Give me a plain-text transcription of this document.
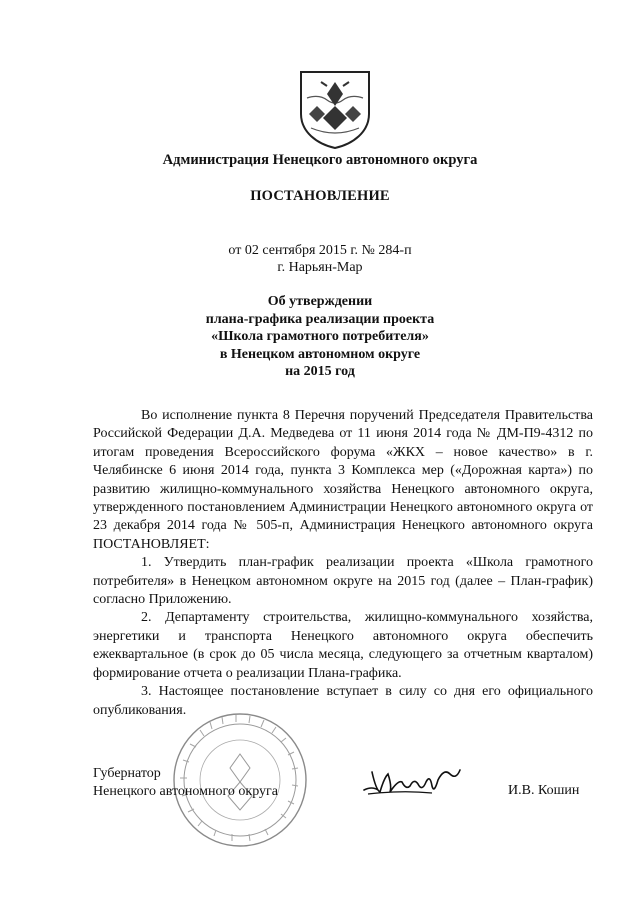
Администрация Ненецкого автономного округа
ПОСТАНОВЛЕНИЕ
от 02 сентября 2015 г. № 284-п
г. Нарьян-Мар
Об утверждении
плана-графика реализации проекта
«Школа грамотного потребителя»
в Ненецком автономном округе
на 2015 год

Во исполнение пункта 8 Перечня поручений Председателя Правительства Российской Федерации Д.А. Медведева от 11 июня 2014 года № ДМ-П9-4312 по итогам проведения Всероссийского форума «ЖКХ – новое качество» в г. Челябинске 6 июня 2014 года, пункта 3 Комплекса мер («Дорожная карта») по развитию жилищно-коммунального хозяйства Ненецкого автономного округа, утвержденного постановлением Администрации Ненецкого автономного округа от 23 декабря 2014 года № 505-п, Администрация Ненецкого автономного округа ПОСТАНОВЛЯЕТ:

1. Утвердить план-график реализации проекта «Школа грамотного потребителя» в Ненецком автономном округе на 2015 год (далее – План-график) согласно Приложению.

2. Департаменту строительства, жилищно-коммунального хозяйства, энергетики и транспорта Ненецкого автономного округа обеспечить ежеквартальное (в срок до 05 числа месяца, следующего за отчетным кварталом) формирование отчета о реализации Плана-графика.

3. Настоящее постановление вступает в силу со дня его официального опубликования.

Губернатор
Ненецкого автономного округа	И.В. Кошин
